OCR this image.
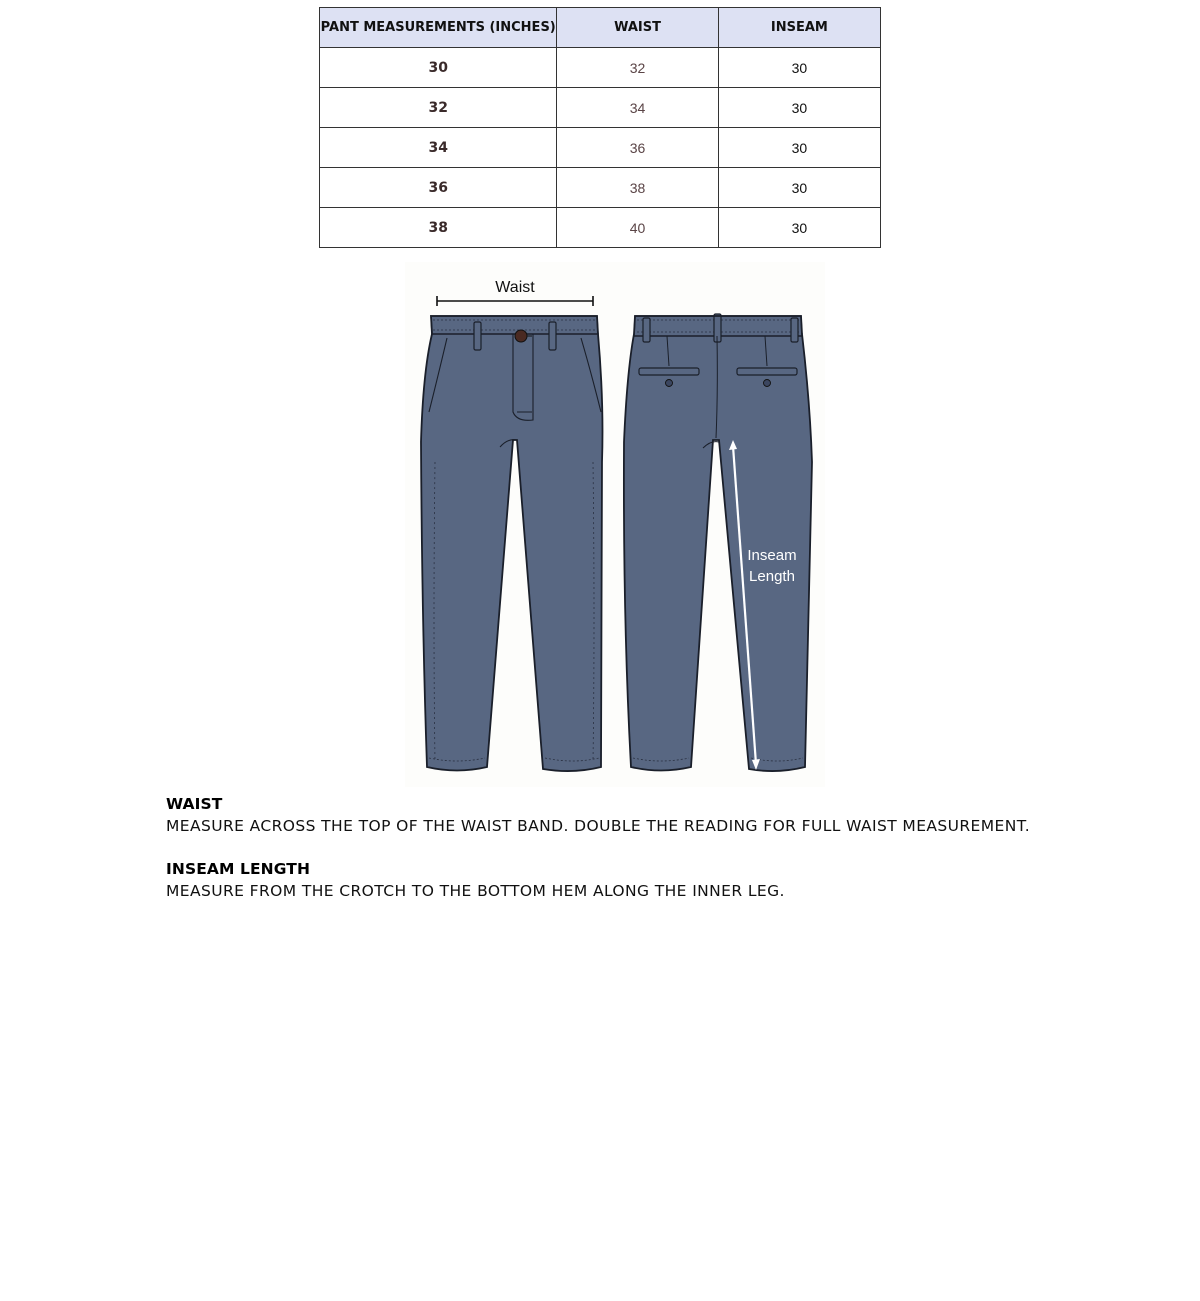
PANT MEASUREMENTS (INCHES)	WAIST	INSEAM
30	32	30
32	34	30
34	36	30
36	38	30
38	40	30
Waist
Inseam
Length
WAIST
MEASURE ACROSS THE TOP OF THE WAIST BAND. DOUBLE THE READING FOR FULL WAIST MEASUREMENT.
INSEAM LENGTH
MEASURE FROM THE CROTCH TO THE BOTTOM HEM ALONG THE INNER LEG.
